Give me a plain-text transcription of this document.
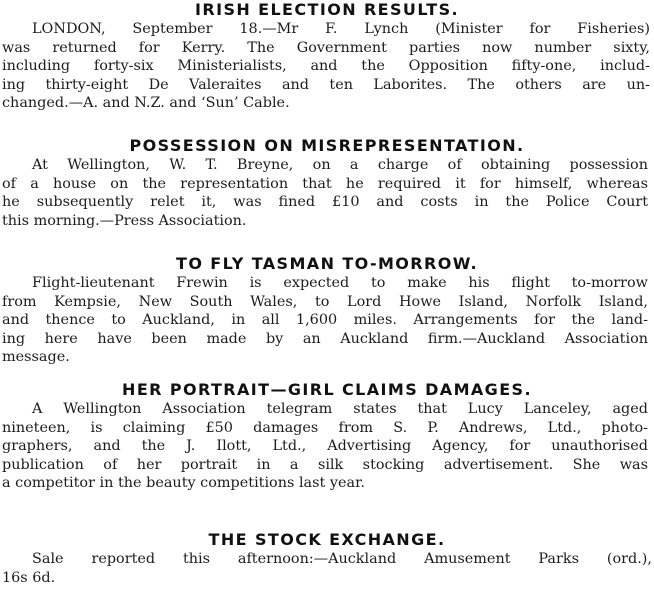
IRISH ELECTION RESULTS.
LONDON, September 18.—Mr F. Lynch (Minister for Fisheries)
was returned for Kerry. The Government parties now number sixty,
including forty-six Ministerialists, and the Opposition fifty-one, includ-
ing thirty-eight De Valeraites and ten Laborites. The others are un-
changed.—A. and N.Z. and ‘Sun’ Cable.
POSSESSION ON MISREPRESENTATION.
At Wellington, W. T. Breyne, on a charge of obtaining possession
of a house on the representation that he required it for himself, whereas
he subsequently relet it, was fined £10 and costs in the Police Court
this morning.—Press Association.
TO FLY TASMAN TO-MORROW.
Flight-lieutenant Frewin is expected to make his flight to-morrow
from Kempsie, New South Wales, to Lord Howe Island, Norfolk Island,
and thence to Auckland, in all 1,600 miles. Arrangements for the land-
ing here have been made by an Auckland firm.—Auckland Association
message.
HER PORTRAIT—GIRL CLAIMS DAMAGES.
A Wellington Association telegram states that Lucy Lanceley, aged
nineteen, is claiming £50 damages from S. P. Andrews, Ltd., photo-
graphers, and the J. Ilott, Ltd., Advertising Agency, for unauthorised
publication of her portrait in a silk stocking advertisement. She was
a competitor in the beauty competitions last year.
THE STOCK EXCHANGE.
Sale reported this afternoon:—Auckland Amusement Parks (ord.),
16s 6d.
